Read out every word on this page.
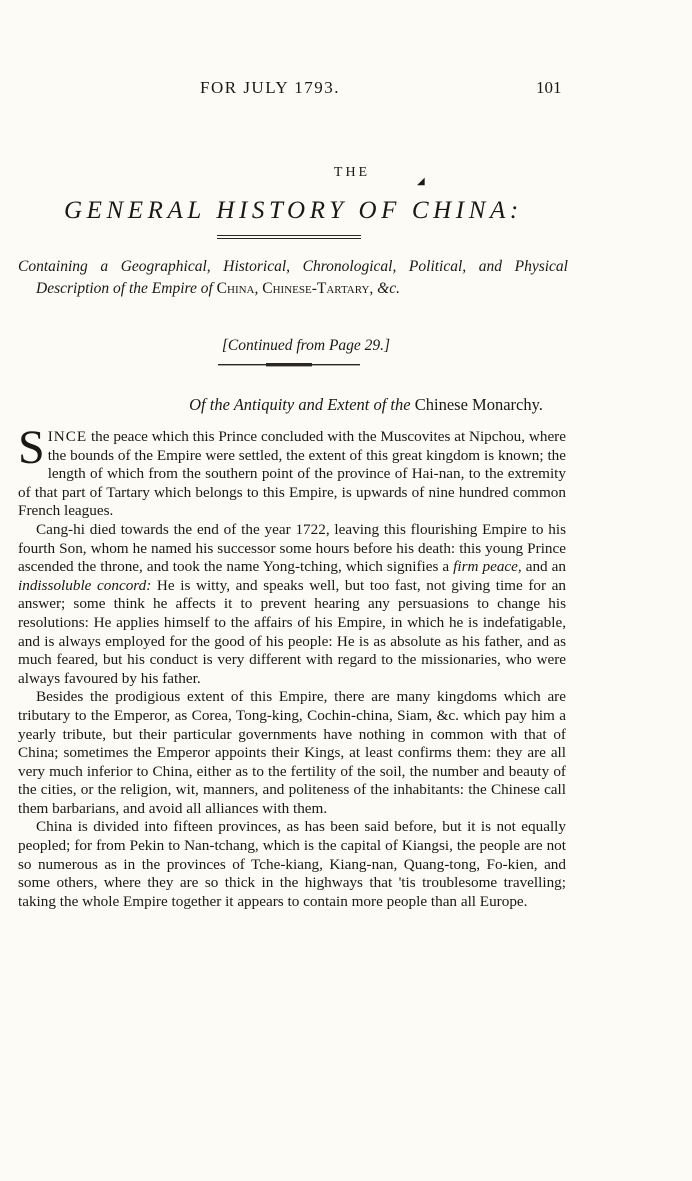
FOR JULY 1793.	101
THE
◢
GENERAL HISTORY OF CHINA:
Containing a Geographical, Historical, Chronological, Political, and Physical Description of the Empire of China, Chinese-Tartary, &c.
[Continued from Page 29.]
Of the Antiquity and Extent of the Chinese Monarchy.

SINCE the peace which this Prince concluded with the Muscovites at Nipchou, where the bounds of the Empire were settled, the extent of this great kingdom is known; the length of which from the southern point of the province of Hai-nan, to the extremity of that part of Tartary which belongs to this Empire, is upwards of nine hundred common French leagues.

Cang-hi died towards the end of the year 1722, leaving this flourishing Empire to his fourth Son, whom he named his successor some hours before his death: this young Prince ascended the throne, and took the name Yong-tching, which signifies a firm peace, and an indissoluble concord: He is witty, and speaks well, but too fast, not giving time for an answer; some think he affects it to prevent hearing any persuasions to change his resolutions: He applies himself to the affairs of his Empire, in which he is indefatigable, and is always employed for the good of his people: He is as absolute as his father, and as much feared, but his conduct is very different with regard to the missionaries, who were always favoured by his father.

Besides the prodigious extent of this Empire, there are many kingdoms which are tributary to the Emperor, as Corea, Tong-king, Cochin-china, Siam, &c. which pay him a yearly tribute, but their particular governments have nothing in common with that of China; sometimes the Emperor appoints their Kings, at least confirms them: they are all very much inferior to China, either as to the fertility of the soil, the number and beauty of the cities, or the religion, wit, manners, and politeness of the inhabitants: the Chinese call them barbarians, and avoid all alliances with them.

China is divided into fifteen provinces, as has been said before, but it is not equally peopled; for from Pekin to Nan-tchang, which is the capital of Kiangsi, the people are not so numerous as in the provinces of Tche-kiang, Kiang-nan, Quang-tong, Fo-kien, and some others, where they are so thick in the highways that 'tis troublesome travelling; taking the whole Empire together it appears to contain more people than all Europe.
